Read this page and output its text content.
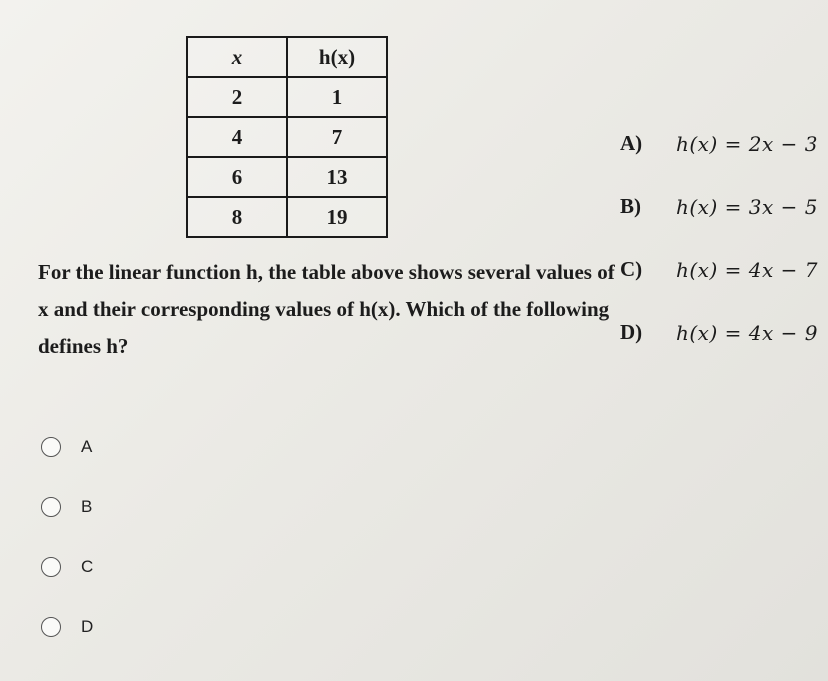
x	h(x)
2	1
4	7
6	13
8	19
A)	h(x) = 2x − 3
B)	h(x) = 3x − 5
C)	h(x) = 4x − 7
D)	h(x) = 4x − 9
For the linear function h, the table above shows several values of x and their corresponding values of h(x). Which of the following defines h?
A
B
C
D
